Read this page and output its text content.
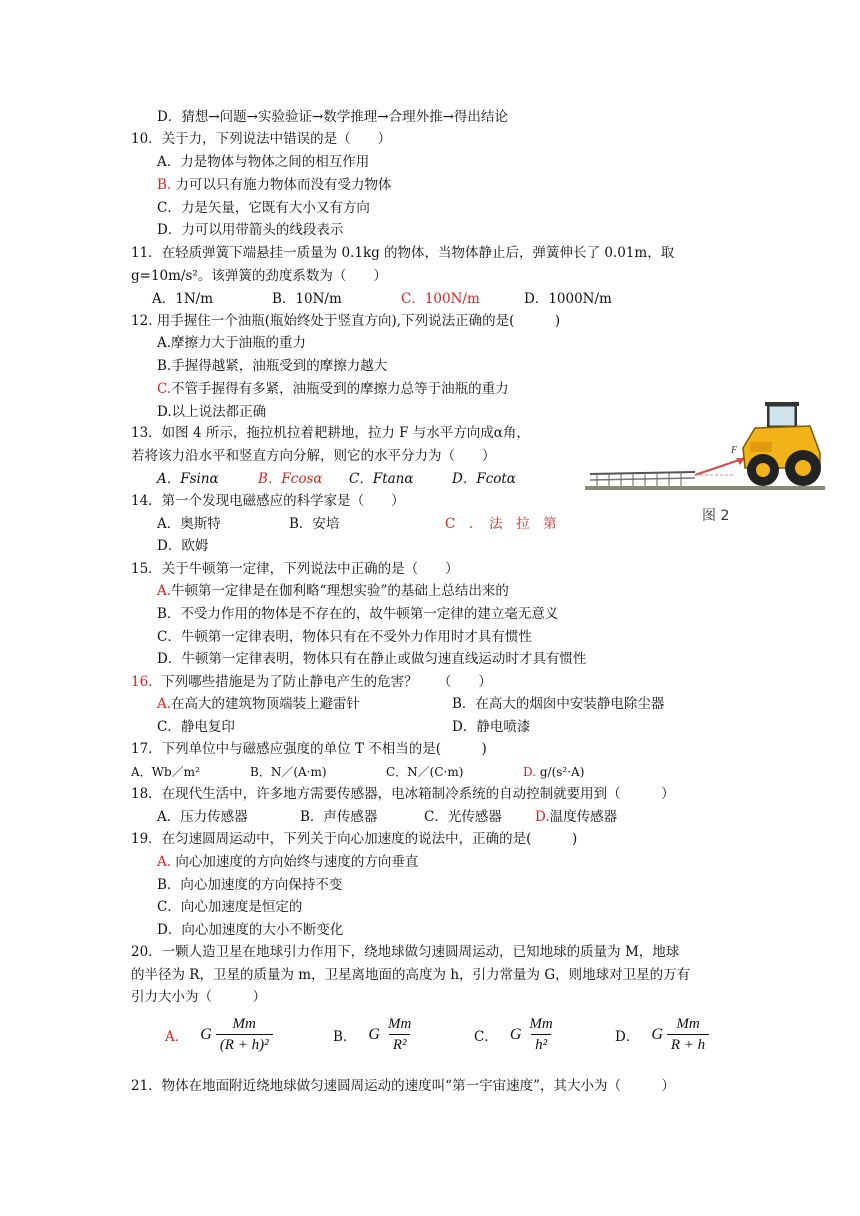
D．猜想→问题→实验验证→数学推理→合理外推→得出结论
10．关于力，下列说法中错误的是（　　）
A．力是物体与物体之间的相互作用
B. 力可以只有施力物体而没有受力物体
C．力是矢量，它既有大小又有方向
D．力可以用带箭头的线段表示
11．在轻质弹簧下端悬挂一质量为 0.1kg 的物体，当物体静止后，弹簧伸长了 0.01m，取
g=10m/s²。该弹簧的劲度系数为（　　）
A．1N/m	B．10N/m	C．100N/m	D．1000N/m
12. 用手握住一个油瓶(瓶始终处于竖直方向),下列说法正确的是(　　　)
A.摩擦力大于油瓶的重力
B.手握得越紧，油瓶受到的摩擦力越大
C.不管手握得有多紧，油瓶受到的摩擦力总等于油瓶的重力
D.以上说法都正确
13．如图 4 所示，拖拉机拉着耙耕地，拉力 F 与水平方向成α角，
若将该力沿水平和竖直方向分解，则它的水平分力为（　　）
A．Fsinα	B．Fcosα C．Ftanα	D．Fcotα
F
图 2
14．第一个发现电磁感应的科学家是（　　）
A．奥斯特	B．安培	C　．　法　拉　第
D．欧姆
15．关于牛顿第一定律，下列说法中正确的是（　　）
A.牛顿第一定律是在伽利略“理想实验”的基础上总结出来的
B．不受力作用的物体是不存在的，故牛顿第一定律的建立毫无意义
C．牛顿第一定律表明，物体只有在不受外力作用时才具有惯性
D．牛顿第一定律表明，物体只有在静止或做匀速直线运动时才具有惯性
16. 下列哪些措施是为了防止静电产生的危害？　　（　　）
A.在高大的建筑物顶端装上避雷针	B．在高大的烟囱中安装静电除尘器
C．静电复印	D．静电喷漆
17．下列单位中与磁感应强度的单位 T 不相当的是(　　　)
A．Wb／m²	B．N／(A·m)	C．N／(C·m)	D. g/(s²·A)
18．在现代生活中，许多地方需要传感器，电冰箱制冷系统的自动控制就要用到（　　　）
A．压力传感器	B．声传感器	C．光传感器 D.温度传感器
19．在匀速圆周运动中，下列关于向心加速度的说法中，正确的是(　　　)
A. 向心加速度的方向始终与速度的方向垂直
B．向心加速度的方向保持不变
C．向心加速度是恒定的
D．向心加速度的大小不断变化
20．一颗人造卫星在地球引力作用下，绕地球做匀速圆周运动，已知地球的质量为 M，地球
的半径为 R，卫星的质量为 m，卫星离地面的高度为 h，引力常量为 G，则地球对卫星的万有
引力大小为（　　　）
A． G $\frac{Mm}{\text{(R + h)²}}$	B． G $\frac{Mm}{\text{R²}}$	C． G $\frac{Mm}{\text{h²}}$	D． G $\frac{Mm}{R + h}$
21．物体在地面附近绕地球做匀速圆周运动的速度叫“第一宇宙速度”，其大小为（　　　）
